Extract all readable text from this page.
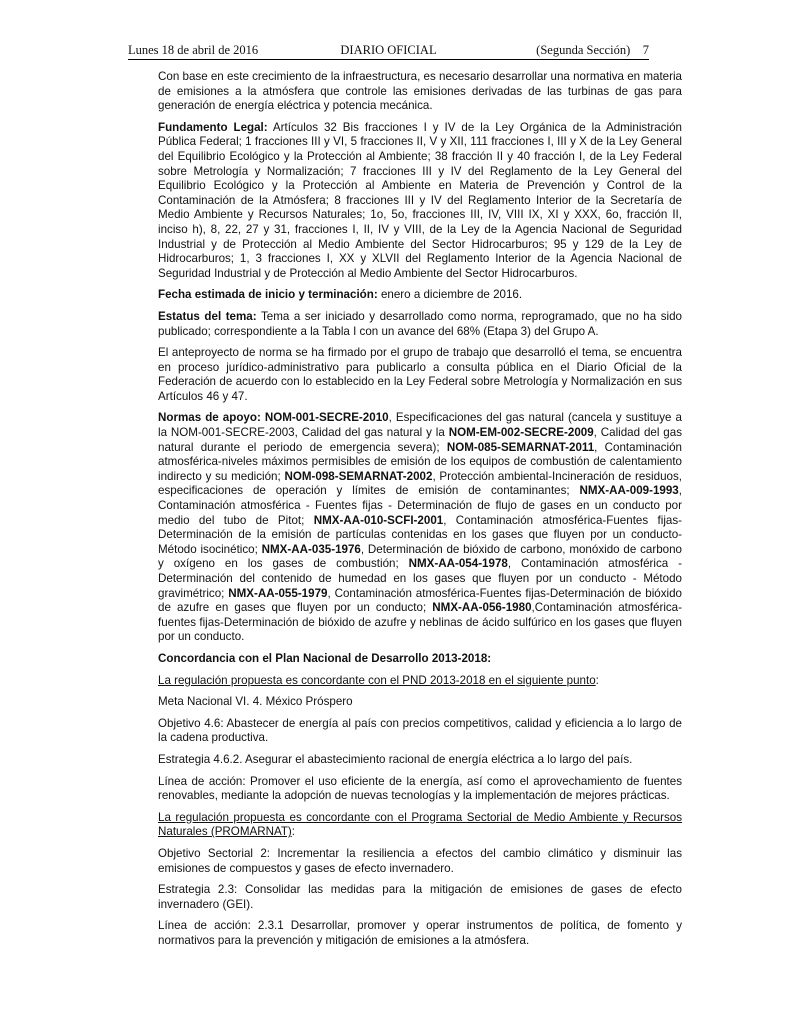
Lunes 18 de abril de 2016	DIARIO OFICIAL	(Segunda Sección) 7

Con base en este crecimiento de la infraestructura, es necesario desarrollar una normativa en materia de emisiones a la atmósfera que controle las emisiones derivadas de las turbinas de gas para generación de energía eléctrica y potencia mecánica.

Fundamento Legal: Artículos 32 Bis fracciones I y IV de la Ley Orgánica de la Administración Pública Federal; 1 fracciones III y VI, 5 fracciones II, V y XII, 111 fracciones I, III y X de la Ley General del Equilibrio Ecológico y la Protección al Ambiente; 38 fracción II y 40 fracción I, de la Ley Federal sobre Metrología y Normalización; 7 fracciones III y IV del Reglamento de la Ley General del Equilibrio Ecológico y la Protección al Ambiente en Materia de Prevención y Control de la Contaminación de la Atmósfera; 8 fracciones III y IV del Reglamento Interior de la Secretaría de Medio Ambiente y Recursos Naturales; 1o, 5o, fracciones III, IV, VIII IX, XI y XXX, 6o, fracción II, inciso h), 8, 22, 27 y 31, fracciones I, II, IV y VIII, de la Ley de la Agencia Nacional de Seguridad Industrial y de Protección al Medio Ambiente del Sector Hidrocarburos; 95 y 129 de la Ley de Hidrocarburos; 1, 3 fracciones I, XX y XLVII del Reglamento Interior de la Agencia Nacional de Seguridad Industrial y de Protección al Medio Ambiente del Sector Hidrocarburos.

Fecha estimada de inicio y terminación: enero a diciembre de 2016.

Estatus del tema: Tema a ser iniciado y desarrollado como norma, reprogramado, que no ha sido publicado; correspondiente a la Tabla I con un avance del 68% (Etapa 3) del Grupo A.

El anteproyecto de norma se ha firmado por el grupo de trabajo que desarrolló el tema, se encuentra en proceso jurídico-administrativo para publicarlo a consulta pública en el Diario Oficial de la Federación de acuerdo con lo establecido en la Ley Federal sobre Metrología y Normalización en sus Artículos 46 y 47.

Normas de apoyo: NOM-001-SECRE-2010, Especificaciones del gas natural (cancela y sustituye a la NOM-001-SECRE-2003, Calidad del gas natural y la NOM-EM-002-SECRE-2009, Calidad del gas natural durante el periodo de emergencia severa); NOM-085-SEMARNAT-2011, Contaminación atmosférica-niveles máximos permisibles de emisión de los equipos de combustión de calentamiento indirecto y su medición; NOM-098-SEMARNAT-2002, Protección ambiental-Incineración de residuos, especificaciones de operación y límites de emisión de contaminantes; NMX-AA-009-1993, Contaminación atmosférica - Fuentes fijas - Determinación de flujo de gases en un conducto por medio del tubo de Pitot; NMX-AA-010-SCFI-2001, Contaminación atmosférica-Fuentes fijas-Determinación de la emisión de partículas contenidas en los gases que fluyen por un conducto-Método isocinético; NMX-AA-035-1976, Determinación de bióxido de carbono, monóxido de carbono y oxígeno en los gases de combustión; NMX-AA-054-1978, Contaminación atmosférica - Determinación del contenido de humedad en los gases que fluyen por un conducto - Método gravimétrico; NMX-AA-055-1979, Contaminación atmosférica-Fuentes fijas-Determinación de bióxido de azufre en gases que fluyen por un conducto; NMX-AA-056-1980,Contaminación atmosférica-fuentes fijas-Determinación de bióxido de azufre y neblinas de ácido sulfúrico en los gases que fluyen por un conducto.

Concordancia con el Plan Nacional de Desarrollo 2013-2018:

La regulación propuesta es concordante con el PND 2013-2018 en el siguiente punto:

Meta Nacional VI. 4. México Próspero

Objetivo 4.6: Abastecer de energía al país con precios competitivos, calidad y eficiencia a lo largo de la cadena productiva.

Estrategia 4.6.2. Asegurar el abastecimiento racional de energía eléctrica a lo largo del país.

Línea de acción: Promover el uso eficiente de la energía, así como el aprovechamiento de fuentes renovables, mediante la adopción de nuevas tecnologías y la implementación de mejores prácticas.

La regulación propuesta es concordante con el Programa Sectorial de Medio Ambiente y Recursos Naturales (PROMARNAT):

Objetivo Sectorial 2: Incrementar la resiliencia a efectos del cambio climático y disminuir las emisiones de compuestos y gases de efecto invernadero.

Estrategia 2.3: Consolidar las medidas para la mitigación de emisiones de gases de efecto invernadero (GEI).

Línea de acción: 2.3.1 Desarrollar, promover y operar instrumentos de política, de fomento y normativos para la prevención y mitigación de emisiones a la atmósfera.
